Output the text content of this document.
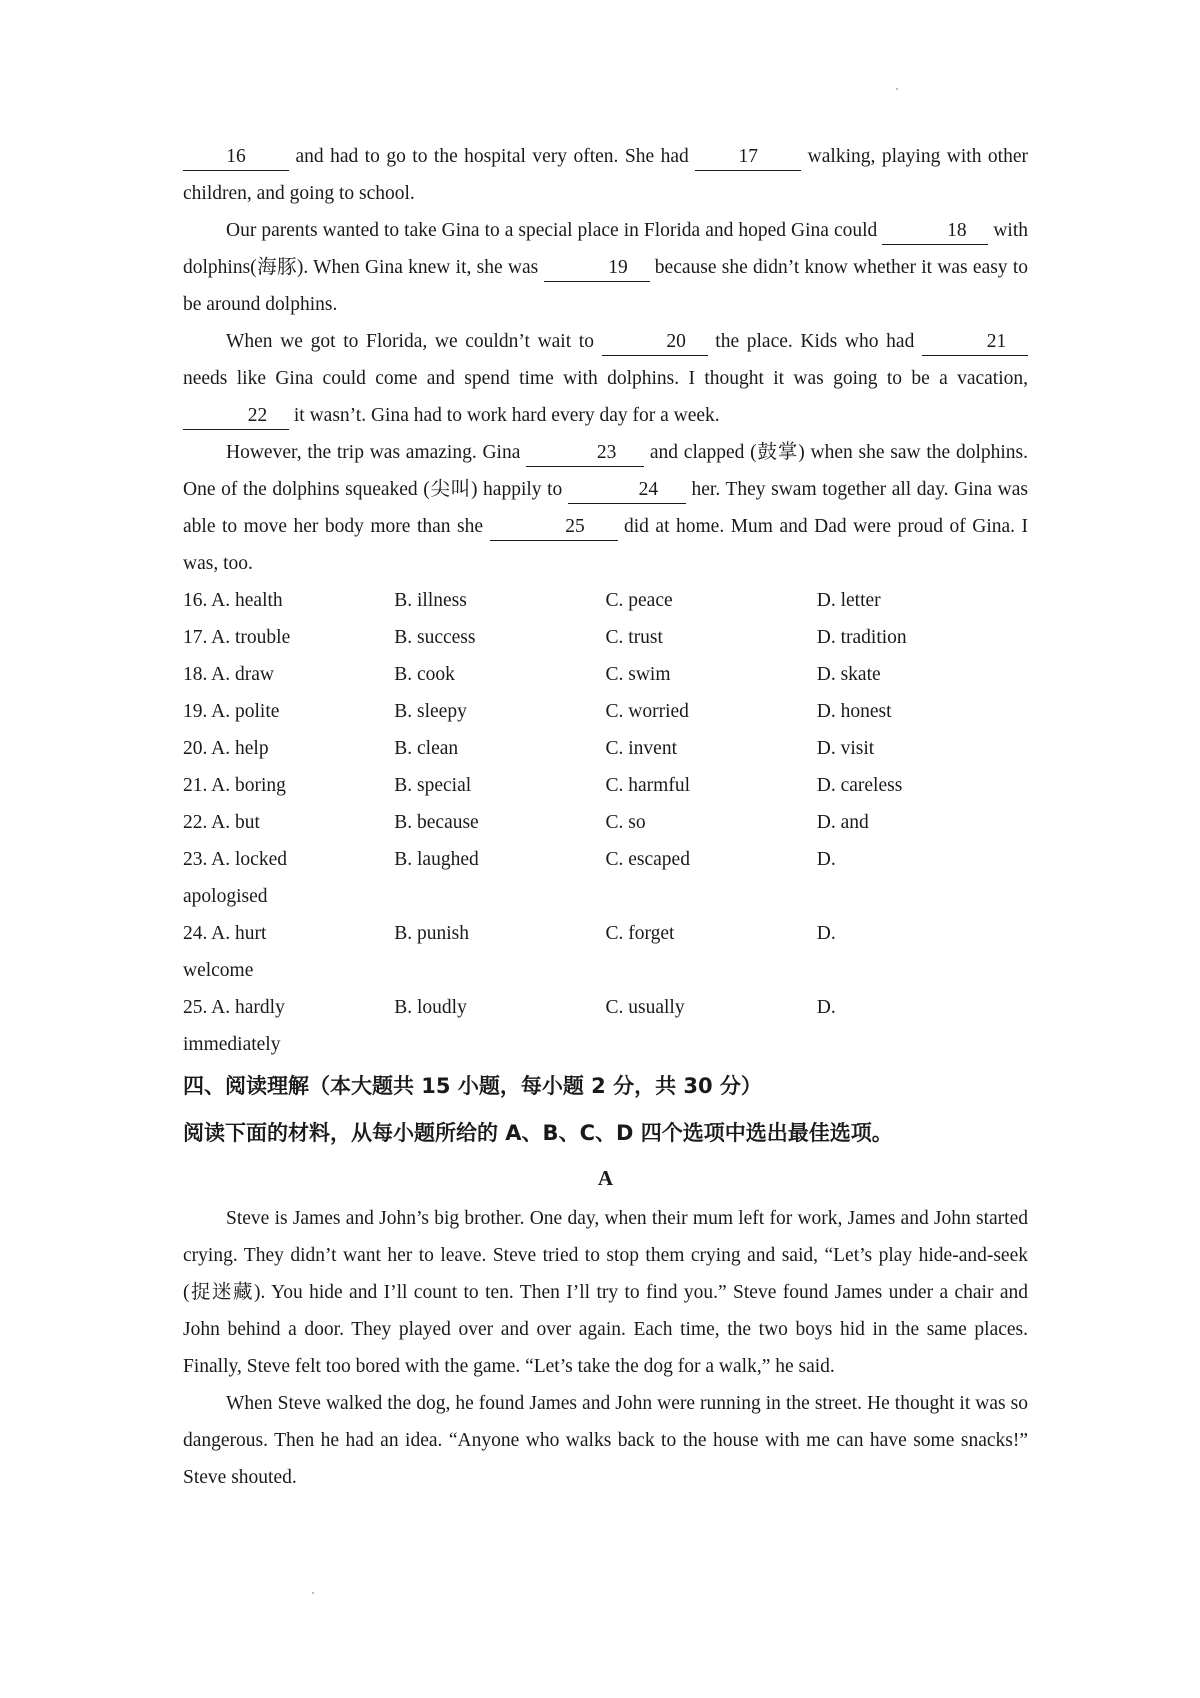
16 and had to go to the hospital very often. She had 17 walking, playing with other children, and going to school.

Our parents wanted to take Gina to a special place in Florida and hoped Gina could	18 with dolphins(海豚). When Gina knew it, she was	19 because she didn’t know whether it was easy to be around dolphins.

When we got to Florida, we couldn’t wait to	20 the place. Kids who had	21 needs like Gina could come and spend time with dolphins. I thought it was going to be a vacation, 22 it wasn’t. Gina had to work hard every day for a week.

However, the trip was amazing. Gina	23 and clapped (鼓掌) when she saw the dolphins. One of the dolphins squeaked (尖叫) happily to	24 her. They swam together all day. Gina was able to move her body more than she	25 did at home. Mum and Dad were proud of Gina. I was, too.

16. A. health	B. illness	C. peace	D. letter
17. A. trouble	B. success	C. trust	D. tradition
18. A. draw	B. cook	C. swim	D. skate
19. A. polite	B. sleepy	C. worried	D. honest
20. A. help	B. clean	C. invent	D. visit
21. A. boring	B. special	C. harmful	D. careless
22. A. but	B. because	C. so	D. and
23. A. locked	B. laughed	C. escaped	D.
apologised			
24. A. hurt	B. punish	C. forget	D.
welcome			
25. A. hardly	B. loudly	C. usually	D.
immediately			

四、阅读理解（本大题共 15 小题，每小题 2 分，共 30 分）

阅读下面的材料，从每小题所给的 A、B、C、D 四个选项中选出最佳选项。

A

Steve is James and John’s big brother. One day, when their mum left for work, James and John started crying. They didn’t want her to leave. Steve tried to stop them crying and said, “Let’s play hide-and-seek (捉迷藏). You hide and I’ll count to ten. Then I’ll try to find you.” Steve found James under a chair and John behind a door. They played over and over again. Each time, the two boys hid in the same places. Finally, Steve felt too bored with the game. “Let’s take the dog for a walk,” he said.

When Steve walked the dog, he found James and John were running in the street. He thought it was so dangerous. Then he had an idea. “Anyone who walks back to the house with me can have some snacks!” Steve shouted.
